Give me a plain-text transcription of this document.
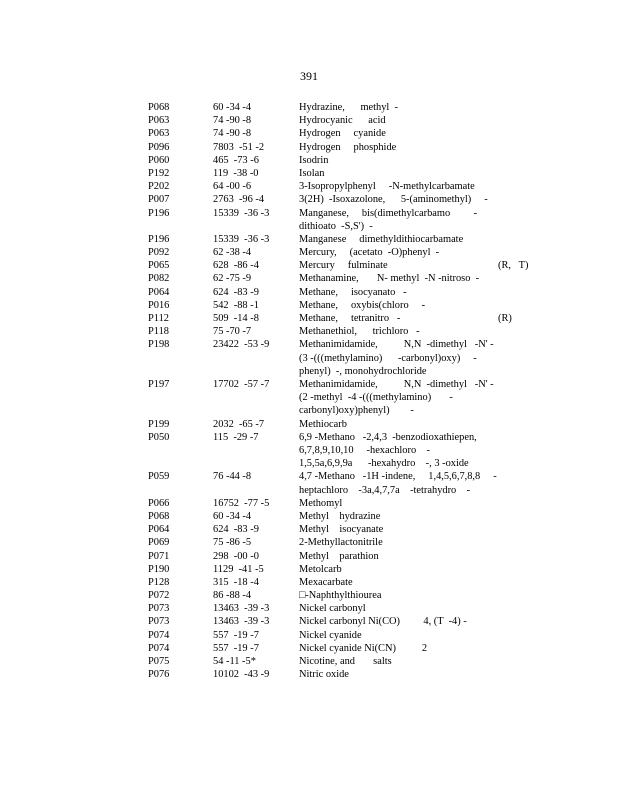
391
P068	60 -34 -4	Hydrazine,      methyl  -
P063	74 -90 -8	Hydrocyanic      acid
P063	74 -90 -8	Hydrogen     cyanide
P096	7803  -51 -2	Hydrogen     phosphide
P060	465  -73 -6	Isodrin
P192	119  -38 -0	Isolan
P202	64 -00 -6	3-Isopropylphenyl     -N-methylcarbamate
P007	2763  -96 -4	3(2H)  -Isoxazolone,      5-(aminomethyl)     -
P196	15339  -36 -3	Manganese,     bis(dimethylcarbamo         -
dithioato  -S,S')  -
P196	15339  -36 -3	Manganese     dimethyldithiocarbamate
P092	62 -38 -4	Mercury,     (acetato  -O)phenyl  -
P065	628  -86 -4	Mercury     fulminate	(R,   T)
P082	62 -75 -9	Methanamine,       N- methyl  -N -nitroso  -
P064	624  -83 -9	Methane,     isocyanato   -
P016	542  -88 -1	Methane,     oxybis(chloro     -
P112	509  -14 -8	Methane,     tetranitro   -	(R)
P118	75 -70 -7	Methanethiol,      trichloro   -
P198	23422  -53 -9	Methanimidamide,          N,N  -dimethyl   -N' -
(3 -(((methylamino)      -carbonyl)oxy)     -
phenyl)  -, monohydrochloride
P197	17702  -57 -7	Methanimidamide,          N,N  -dimethyl   -N' -
(2 -methyl  -4 -(((methylamino)       -
carbonyl)oxy)phenyl)        -
P199	2032  -65 -7	Methiocarb
P050	115  -29 -7	6,9 -Methano   -2,4,3  -benzodioxathiepen,
6,7,8,9,10,10     -hexachloro    -
1,5,5a,6,9,9a      -hexahydro    -, 3 -oxide
P059	76 -44 -8	4,7 -Methano   -1H -indene,     1,4,5,6,7,8,8     -
heptachloro    -3a,4,7,7a    -tetrahydro    -
P066	16752  -77 -5	Methomyl
P068	60 -34 -4	Methyl    hydrazine
P064	624  -83 -9	Methyl    isocyanate
P069	75 -86 -5	2-Methyllactonitrile
P071	298  -00 -0	Methyl    parathion
P190	1129  -41 -5	Metolcarb
P128	315  -18 -4	Mexacarbate
P072	86 -88 -4	□-Naphthylthiourea
P073	13463  -39 -3	Nickel carbonyl
P073	13463  -39 -3	Nickel carbonyl Ni(CO)         4, (T  -4) -
P074	557  -19 -7	Nickel cyanide
P074	557  -19 -7	Nickel cyanide Ni(CN)          2
P075	54 -11 -5*	Nicotine, and       salts
P076	10102  -43 -9	Nitric oxide
